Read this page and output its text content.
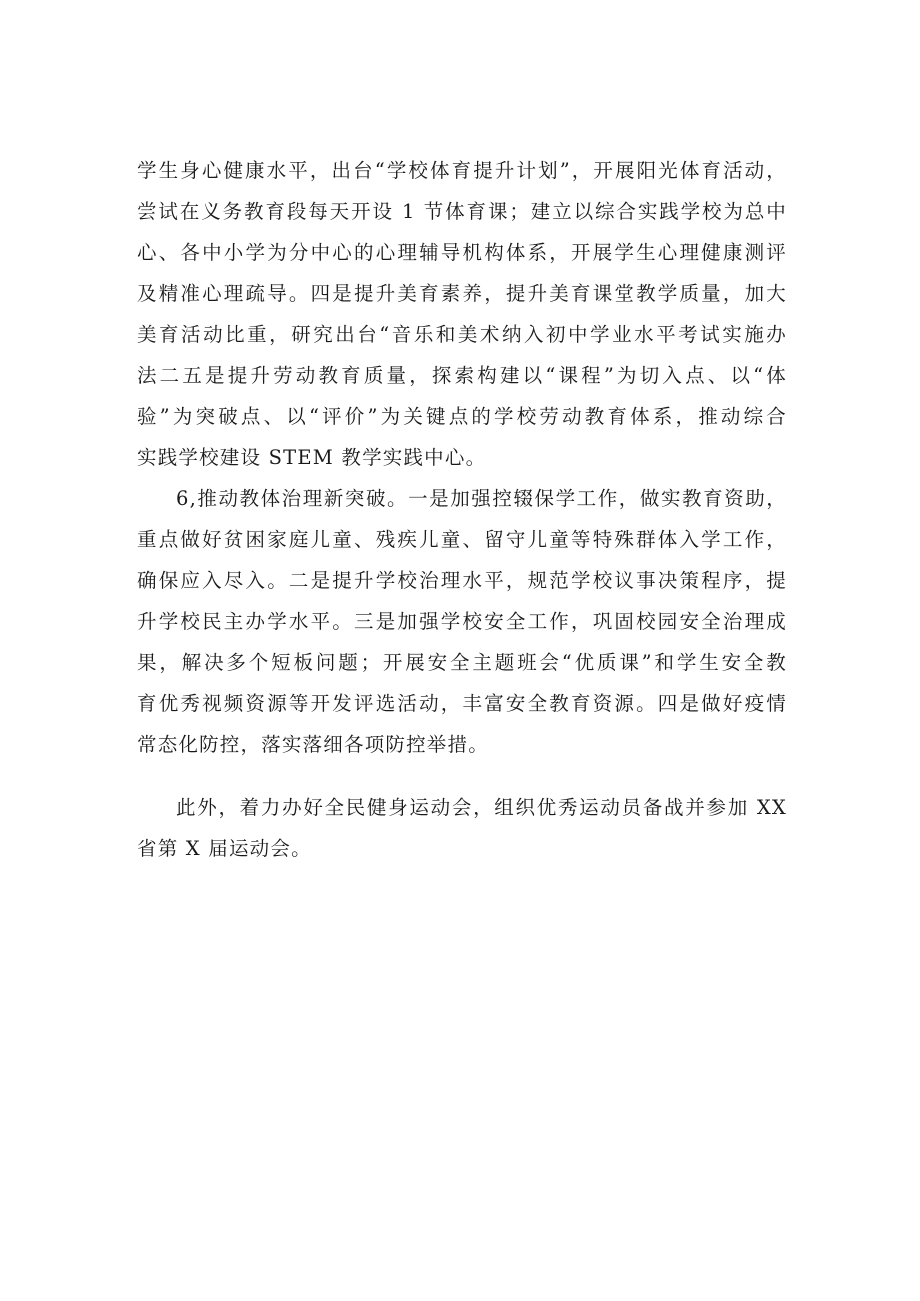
学生身心健康水平，出台“学校体育提升计划”，开展阳光体育活动，
尝试在义务教育段每天开设 1 节体育课；建立以综合实践学校为总中
心、各中小学为分中心的心理辅导机构体系，开展学生心理健康测评
及精准心理疏导。四是提升美育素养，提升美育课堂教学质量，加大
美育活动比重，研究出台“音乐和美术纳入初中学业水平考试实施办
法二五是提升劳动教育质量，探索构建以“课程”为切入点、以“体
验”为突破点、以“评价”为关键点的学校劳动教育体系，推动综合
实践学校建设 STEM 教学实践中心。
6,推动教体治理新突破。一是加强控辍保学工作，做实教育资助，
重点做好贫困家庭儿童、残疾儿童、留守儿童等特殊群体入学工作，
确保应入尽入。二是提升学校治理水平，规范学校议事决策程序，提
升学校民主办学水平。三是加强学校安全工作，巩固校园安全治理成
果，解决多个短板问题；开展安全主题班会“优质课”和学生安全教
育优秀视频资源等开发评选活动，丰富安全教育资源。四是做好疫情
常态化防控，落实落细各项防控举措。
此外，着力办好全民健身运动会，组织优秀运动员备战并参加 XX
省第 X 届运动会。
